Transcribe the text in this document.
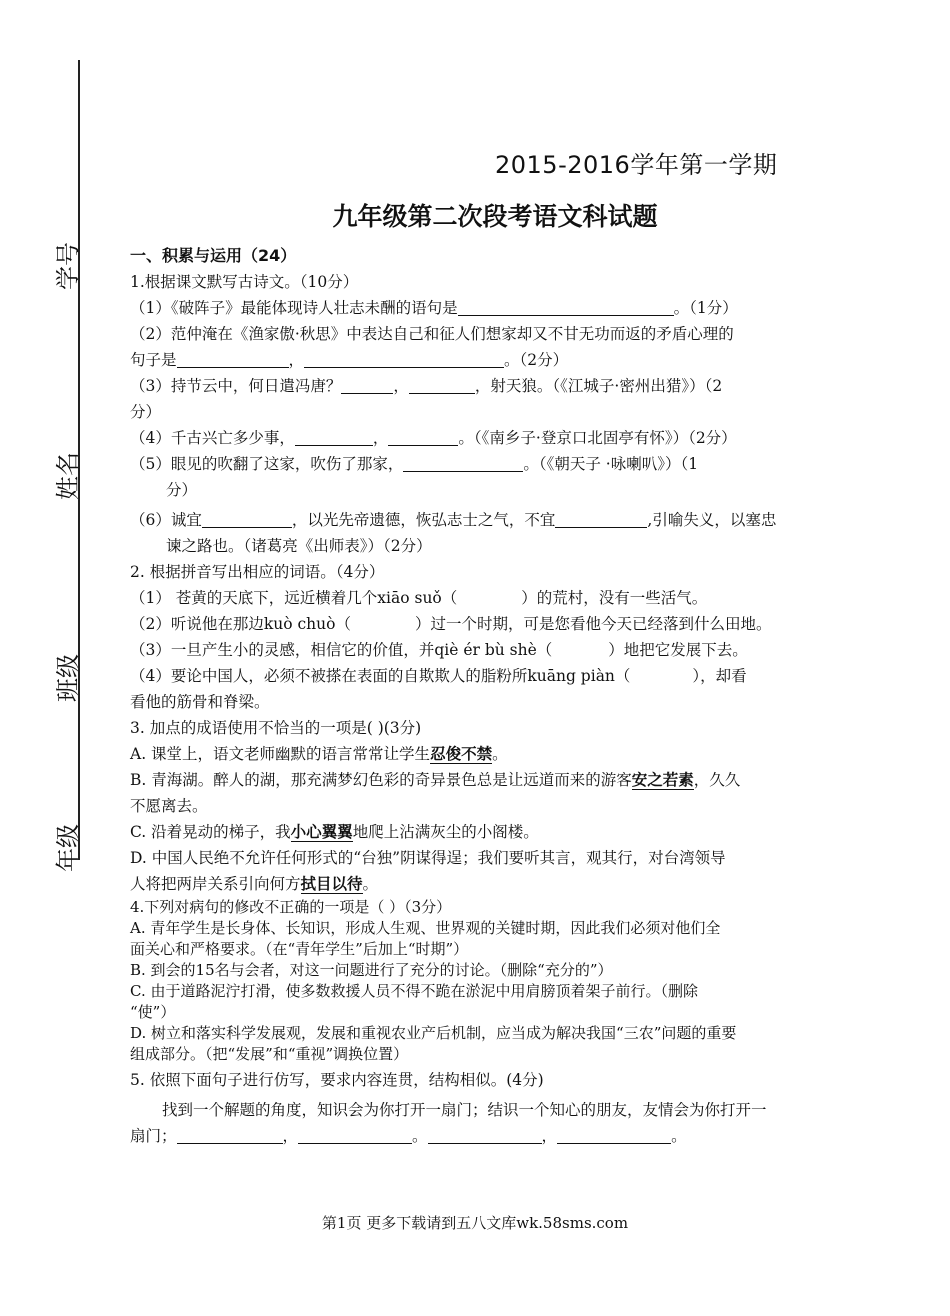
学号
姓名
班级
年级
2015-2016学年第一学期
九年级第二次段考语文科试题

一、积累与运用（24）

1.根据课文默写古诗文。（10分）

（1）《破阵子》最能体现诗人壮志未酬的语句是	。（1分）

（2）范仲淹在《渔家傲·秋思》中表达自己和征人们想家却又不甘无功而返的矛盾心理的

句子是	，	。（2分）

（3）持节云中，何日遣冯唐？	，	，射天狼。（《江城子·密州出猎》）（2

分）

（4）千古兴亡多少事，	，	。（《南乡子·登京口北固亭有怀》）（2分）

（5）眼见的吹翻了这家，吹伤了那家，	。（《朝天子 ·咏喇叭》）（1

分）

（6）诚宜	，以光先帝遗德，恢弘志士之气，不宜	,引喻失义，以塞忠

谏之路也。（诸葛亮《出师表》）（2分）

2. 根据拼音写出相应的词语。（4分）

（1） 苍黄的天底下，远近横着几个xiāo suǒ（	）的荒村，没有一些活气。

（2）听说他在那边kuò chuò（	）过一个时期，可是您看他今天已经落到什么田地。

（3）一旦产生小的灵感，相信它的价值，并qiè ér bù shè（	）地把它发展下去。

（4）要论中国人，必须不被搽在表面的自欺欺人的脂粉所kuāng piàn（	），却看

看他的筋骨和脊梁。

3. 加点的成语使用不恰当的一项是( )(3分)

A. 课堂上，语文老师幽默的语言常常让学生忍俊不禁。

B. 青海湖。醉人的湖，那充满梦幻色彩的奇异景色总是让远道而来的游客安之若素，久久

不愿离去。

C. 沿着晃动的梯子，我小心翼翼地爬上沾满灰尘的小阁楼。

D. 中国人民绝不允许任何形式的“台独”阴谋得逞；我们要听其言，观其行，对台湾领导

人将把两岸关系引向何方拭目以待。

4.下列对病句的修改不正确的一项是（ ）（3分）

A. 青年学生是长身体、长知识，形成人生观、世界观的关键时期，因此我们必须对他们全

面关心和严格要求。（在“青年学生”后加上“时期”）

B. 到会的15名与会者，对这一问题进行了充分的讨论。（删除“充分的”）

C. 由于道路泥泞打滑，使多数救援人员不得不跪在淤泥中用肩膀顶着架子前行。（删除

“使”）

D. 树立和落实科学发展观，发展和重视农业产后机制，应当成为解决我国“三农”问题的重要

组成部分。（把“发展”和“重视”调换位置）

5. 依照下面句子进行仿写，要求内容连贯，结构相似。(4分)

找到一个解题的角度，知识会为你打开一扇门；结识一个知心的朋友，友情会为你打开一

扇门；	，	。	，	。

第1页 更多下载请到五八文库wk.58sms.com
